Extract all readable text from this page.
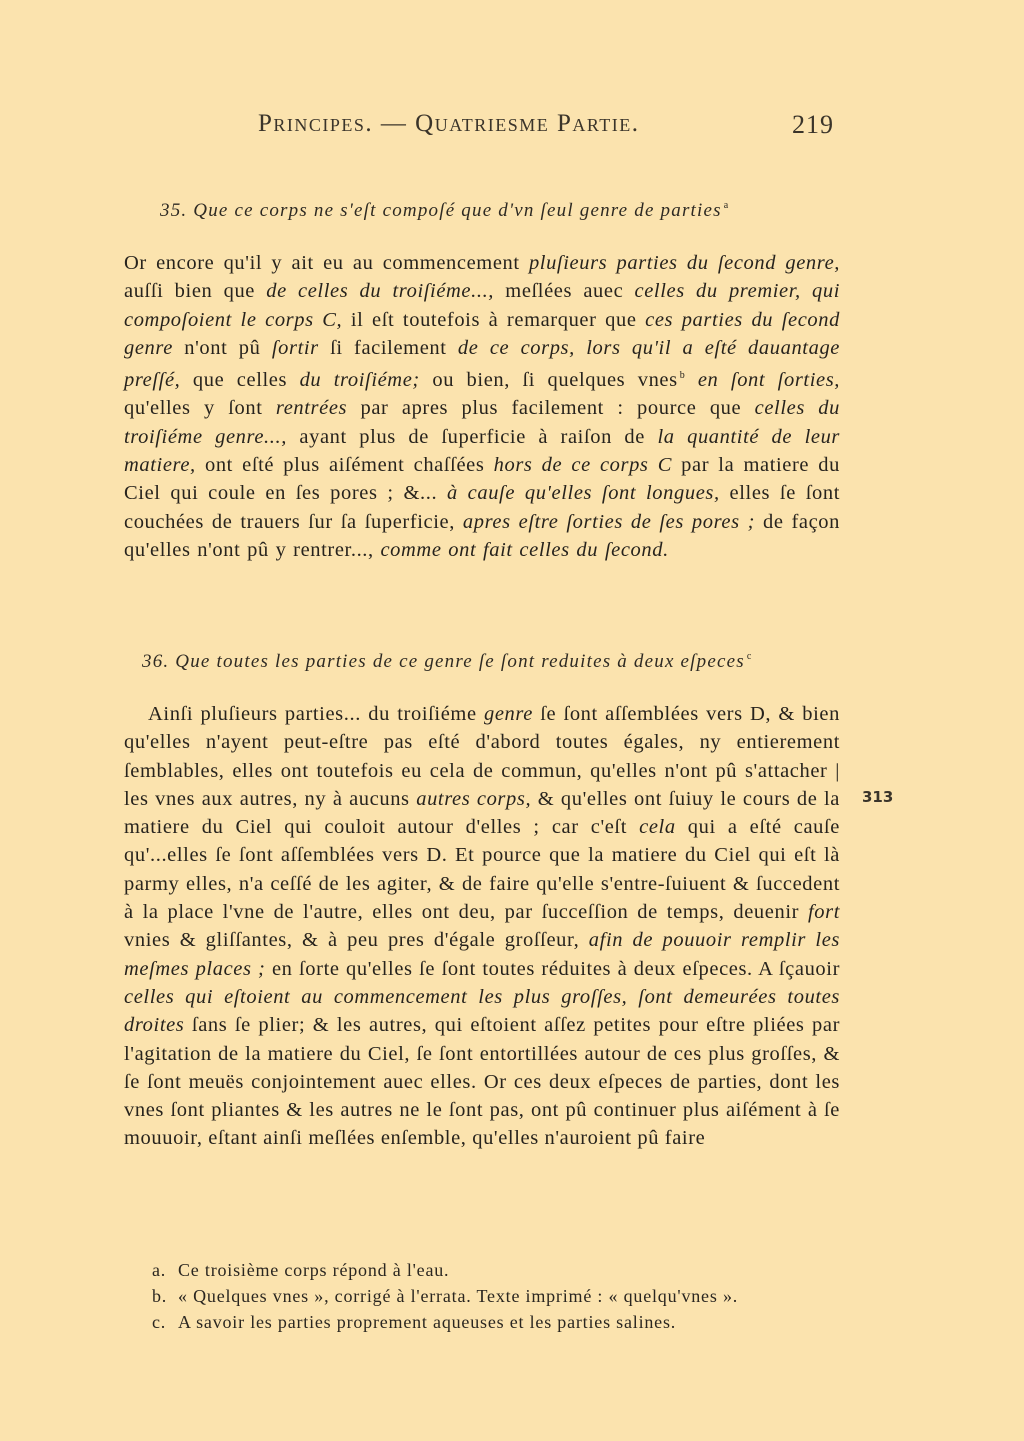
Principes. — Quatriesme Partie.	219
35. Que ce corps ne s'eſt compoſé que d'vn ſeul genre de parties $^a$
Or encore qu'il y ait eu au commencement pluſieurs parties du ſecond genre, auſſi bien que de celles du troiſiéme..., meſlées auec celles du premier, qui compoſoient le corps C, il eſt toutefois à remarquer que ces parties du ſecond genre n'ont pû ſortir ſi facilement de ce corps, lors qu'il a eſté dauantage preſſé, que celles du troiſiéme; ou bien, ſi quelques vnes $^b$ en ſont ſorties, qu'elles y ſont rentrées par apres plus facilement : pource que celles du troiſiéme genre..., ayant plus de ſuperficie à raiſon de la quantité de leur matiere, ont eſté plus aiſément chaſſées hors de ce corps C par la matiere du Ciel qui coule en ſes pores ; &... à cauſe qu'elles ſont longues, elles ſe ſont couchées de trauers ſur ſa ſuperficie, apres eſtre ſorties de ſes pores ; de façon qu'elles n'ont pû y rentrer..., comme ont fait celles du ſecond.
36. Que toutes les parties de ce genre ſe ſont reduites à deux eſpeces $^c$
Ainſi pluſieurs parties... du troiſiéme genre ſe ſont aſſemblées vers D, & bien qu'elles n'ayent peut-eſtre pas eſté d'abord toutes égales, ny entierement ſemblables, elles ont toutefois eu cela de commun, qu'elles n'ont pû s'attacher | les vnes aux autres, ny à aucuns autres corps, & qu'elles ont ſuiuy le cours de la matiere du Ciel qui couloit autour d'elles ; car c'eſt cela qui a eſté cauſe qu'...elles ſe ſont aſſemblées vers D. Et pource que la matiere du Ciel qui eſt là parmy elles, n'a ceſſé de les agiter, & de faire qu'elle s'entre-ſuiuent & ſuccedent à la place l'vne de l'autre, elles ont deu, par ſucceſſion de temps, deuenir fort vnies & gliſſantes, & à peu pres d'égale groſſeur, afin de pouuoir remplir les meſmes places ; en ſorte qu'elles ſe ſont toutes réduites à deux eſpeces. A ſçauoir celles qui eſtoient au commencement les plus groſſes, ſont demeurées toutes droites ſans ſe plier; & les autres, qui eſtoient aſſez petites pour eſtre pliées par l'agitation de la matiere du Ciel, ſe ſont entortillées autour de ces plus groſſes, & ſe ſont meuës conjointement auec elles. Or ces deux eſpeces de parties, dont les vnes ſont pliantes & les autres ne le ſont pas, ont pû continuer plus aiſément à ſe mouuoir, eſtant ainſi meſlées enſemble, qu'elles n'auroient pû faire
313
a. Ce troisième corps répond à l'eau.
b. « Quelques vnes », corrigé à l'errata. Texte imprimé : « quelqu'vnes ».
c. A savoir les parties proprement aqueuses et les parties salines.
